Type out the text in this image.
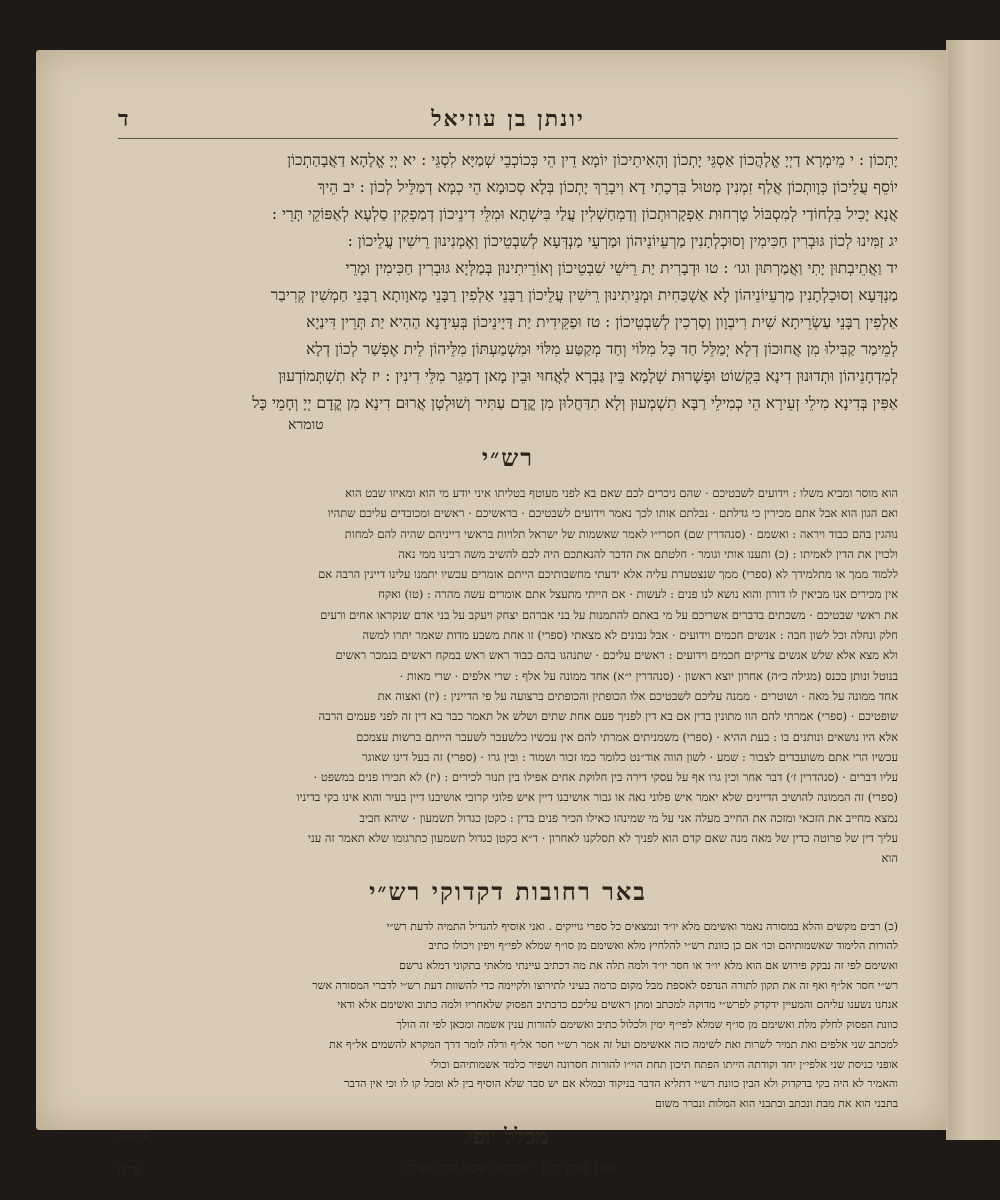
יונתן בן עוזיאל
ד

יָתְכוֹן : י מֵימְרָא דַיְיָ אֱלָהֲכוֹן אַסְגֵּי יָתְכוֹן וְהָאִיתֵיכוֹן יוֹמָא דֵין הֵי כְּכוֹכְבֵי שְׁמַיָּא לִסְגֵּי : יא יְיָ אֱלָהָא דַאֲבָהַתְכוֹן

יוֹסֵף עֲלֵיכוֹן כְּוָותְכוֹן אֲלַף זִמְנִין מְטוּל בִּרְכָתִי דָא וִיבָרֵךְ יָתְכוֹן בְּלָא סְכוּמָא הֵי כְמָא דְמַלֵּיל לְכוֹן : יב הֵיךְ

אֲנָא יָכִיל בִּלְחוֹדַי לְמִסְבּוֹל טָרְחוּת אַפְקָרוּתְכוֹן וְדַמְחַשְׁלִין עֲלַי בִּישְׁתָא וּמִלֵּי דִינֵיכוֹן דְמַפְקִין סַלְעָא לְאַפּוֹקֵי תָּרֵי :

יג זַמִּינוּ לְכוֹן גּוּבְרִין חַכִּימִין וְסוּכְלְתָנִין מַרְעֵיוֹנֵיהוֹן וּמַרְעֵי מַנְדְּעָא לְשִׁבְטֵיכוֹן וְאֶמְנִינוּן רֵישִׁין עֲלֵיכוֹן :

יד וַאֲתֵיבְתוּן יָתִי וַאֲמַרְתּוּן וגו׳ : טו וּדְבָרִית יַת רֵישֵׁי שִׁבְטֵיכוֹן וְאוֹרֵיתִינוּן בְּמַלְּיָא גּוּבְרִין חַכִּימִין וּמָרֵי

מַנְדְּעָא וְסוּכְלְתָנִין מַרְעֵיוֹנֵיהוֹן לָא אַשְׁכַּחִית וּמְנֵיתִינוּן רֵישִׁין עֲלֵיכוֹן רַבָּנֵי אַלְפִין רַבָּנֵי מָאוָותָא רַבָּנֵי חַמְשִׁין קְרִיבַר

אַלְפִין רַבָּנֵי עַשְׂרֵיתָא שִׁית רִיבְוָון וְסַרְכִין לְשִׁבְטֵיכוֹן : טז וּפַקֵּידִית יַת דַּיָינֵיכוֹן בְּעִידָנָא הַהִיא יַת תְּרֵין דִּינַיָא

לְמֵימַר קַבִּילוּ מִן אֲחוּכוֹן דְלָא יְמַלֵּל חַד כָּל מִלּוֹי וְחַד מְקַטַּע מִלּוֹי וּמִשְׁמַעְתּוֹן מִלֵּיהוֹן לֵית אֶפְשַׁר לְכוֹן דְלָא

לְמִדְחָנֵיהוֹן וּתְדוּנוּן דִינָא בִּקְשׁוֹט וּפְשָׁרוּת שְׁלָמָא בֵּין גַּבְרָא לַאֲחוּי וּבֵין מָאן דְמַגֵּר מִלֵּי דִינִין : יז לָא תִשְׁתְּמוֹדְעוּן

אַפִּין בְּדִינָא מִילֵי זְעֵירָא הֵי כְמִילֵי רַבָּא תִשְׁמְעוּן וְלָא תִדַּחֲלוּן מִן קֳדָם עַתִּיר וְשׁוּלְטָן אֲרוּם דִינָא מִן קֳדָם יְיָ וְחָמֵי כָּל

טומרא
רש״י

הוא מוסר ומביא משלו : וידועים לשבטיכם · שהם ניכרים לכם שאם בא לפני מעוטף בטליתו איני יודע מי הוא ומאיזו שבט הוא

ואם הגון הוא אבל אתם מכירין כי גדלתם · נבלתם אותו לכך נאמר וידועים לשבטיכם · בראשיכם · ראשים ומכובדים עליכם שתהיו

נוהגין בהם כבוד ויראה : ואשמם · (סנהדרין שם) חסרי״ו לאמר שאשמות של ישראל תלויות בראשי דייניהם שהיה להם למחות

ולכוין את הדין לאמיתו : (כ) ותענו אותי וגומר · חלטתם את הדבר להנאתכם היה לכם להשיב משה רבינו ממי נאה

ללמוד ממך או מתלמידך לא (ספרי) ממך שנצטערת עליה אלא ידעתי מחשבותיכם הייתם אומרים עכשיו יתמנו עלינו דיינין הרבה אם

אין מכירים אנו מביאין לו דורון והוא נושא לנו פנים : לעשות · אם הייתי מתעצל אתם אומרים עשה מהרה : (טו) ואקח

את ראשי שבטיכם · משכתים בדברים אשריכם על מי באתם להתמנות על בני אברהם יצחק ויעקב על בני אדם שנקראו אחים ורעים

חלק ונחלה וכל לשון חבה : אנשים חכמים וידועים · אבל נבונים לא מצאתי (ספרי) זו אחת משבע מדות שאמר יתרו למשה

ולא מצא אלא שלש אנשים צדיקים חכמים וידועים : ראשים עליכם · שתנהגו בהם כבוד ראש ראש במקח ראשים בנמכר ראשים

בנוטל ונותן בכנס (מגילה כ״ה) אחרון יוצא ראשון · (סנהדרין י״א) אחד ממונה על אלף : שרי אלפים · שרי מאות ·

אחד ממונה על מאה · ושוטרים · ממנה עליכם לשבטיכם אלו הכופתין והכופתים ברצועה על פי הדיינין : (יז) ואצוה את

שופטיכם · (ספרי) אמרתי להם הוו מתונין בדין אם בא דין לפניך פעם אחת שתים ושלש אל תאמר כבר בא דין זה לפני פעמים הרבה

אלא היו נושאים ונותנים בו : בעת ההיא · (ספרי) משמניתים אמרתי להם אין עכשיו כלשעבר לשעבר הייתם ברשות עצמכם

עכשיו הרי אתם משועבדים לצבור : שמע · לשון הווה אוד״נט כלומר כמו זכור ושמור : ובין גרו · (ספרי) זה בעל דינו שאוגר

עליו דברים · (סנהדרין ז׳) דבר אחר וכין גרו אף על עסקי דירה בין חלוקת אחים אפילו בין תנור לכירים : (יז) לא תכירו פנים במשפט ·

(ספרי) זה הממונה להושיב הדיינים שלא יאמר איש פלוני נאה או גבור אושיבנו דיין איש פלוני קרובי אושיבנו דיין בעיר והוא אינו בקי בדיניו

נמצא מחייב את הזכאי ומזכה את החייב מעלה אני על מי שמינהו כאילו הכיר פנים בדין : כקטן כגדול תשמעון · שיהא חביב

עליך דין של פרוטה כדין של מאה מנה שאם קדם הוא לפניך לא תסלקנו לאחרון · ד״א כקטן כגדול תשמעון כתרגומו שלא תאמר זה עני

הוא

באר רחובות דקדוקי רש״י

(כ) רבים מקשים והלא במסורה נאמר ואשימם מלא יו״ד ונמצאים כל ספרי גוייקים . ואני אוסיף להגדיל התמיה לדעת רש״י

להורות הלימוד שאשמותיהם וכו׳ אם כן כוונת רש״י להלחיץ מלא ואשימם מן סו״ף שמלא לפי״ף ויפין ויכולו כתיב

ואשימם לפי זה נבקק פירוש אם הוא מלא יו״ד או חסר יו״ד ולמה תלה את מה דכתיב עיינתי מלאתי בתקוני דמלא נרשם

רש״י חסר אל״ף ואף זה את תקון לתורה הנדפס לאספת מבל מקום כרמה בעיני לתירוצו ולקיימה כדי להשוות דעת רש״י לדברי המסורה אשר

אנחנו נשענו עליהם והמעיין ידקדק לפרש״י מדוקה למכתב ומתן ראשים עליכם כדכתיב הפסוק שלאחריו ולמה כתוב ואשימם אלא ודאי

כוונת הפסוק לחלק מלת ואשימם מן סו״ף שמלא לפי״ף ימין ולכלול כתיב ואשימם להורות ענין אשמה ומכאן לפי זה הולך

למכתב שני אלפים ואת תמיר לשרות ואת לשימה כזה אאשימם ועל זה אמר רש״י חסר אל״ף ורלה לומר דרך המקרא להשמים אל״ף את

אופני כניסת שני אלפי״ן יחד וקודתה הייתו הפתח תיכון תחת הוי״ו להורות חסרונה ושפיר כלמד אשמותיהם וכולי

והאמיר לא היה בקי בדקדוק ולא הבין כוונת רש״י דתליא הדבר בניקוד ובמלא אם יש סבר שלא הוסיף בין לא ומכל קו לו וכי אין הדבר

בתבני הוא את מבת ונכתב ובתבני הוא המלות ונכרר משום

מכלל יופי
משום
(טז) (ובין גרו) · פירושו שכנו הגר אצלו :
עלה
